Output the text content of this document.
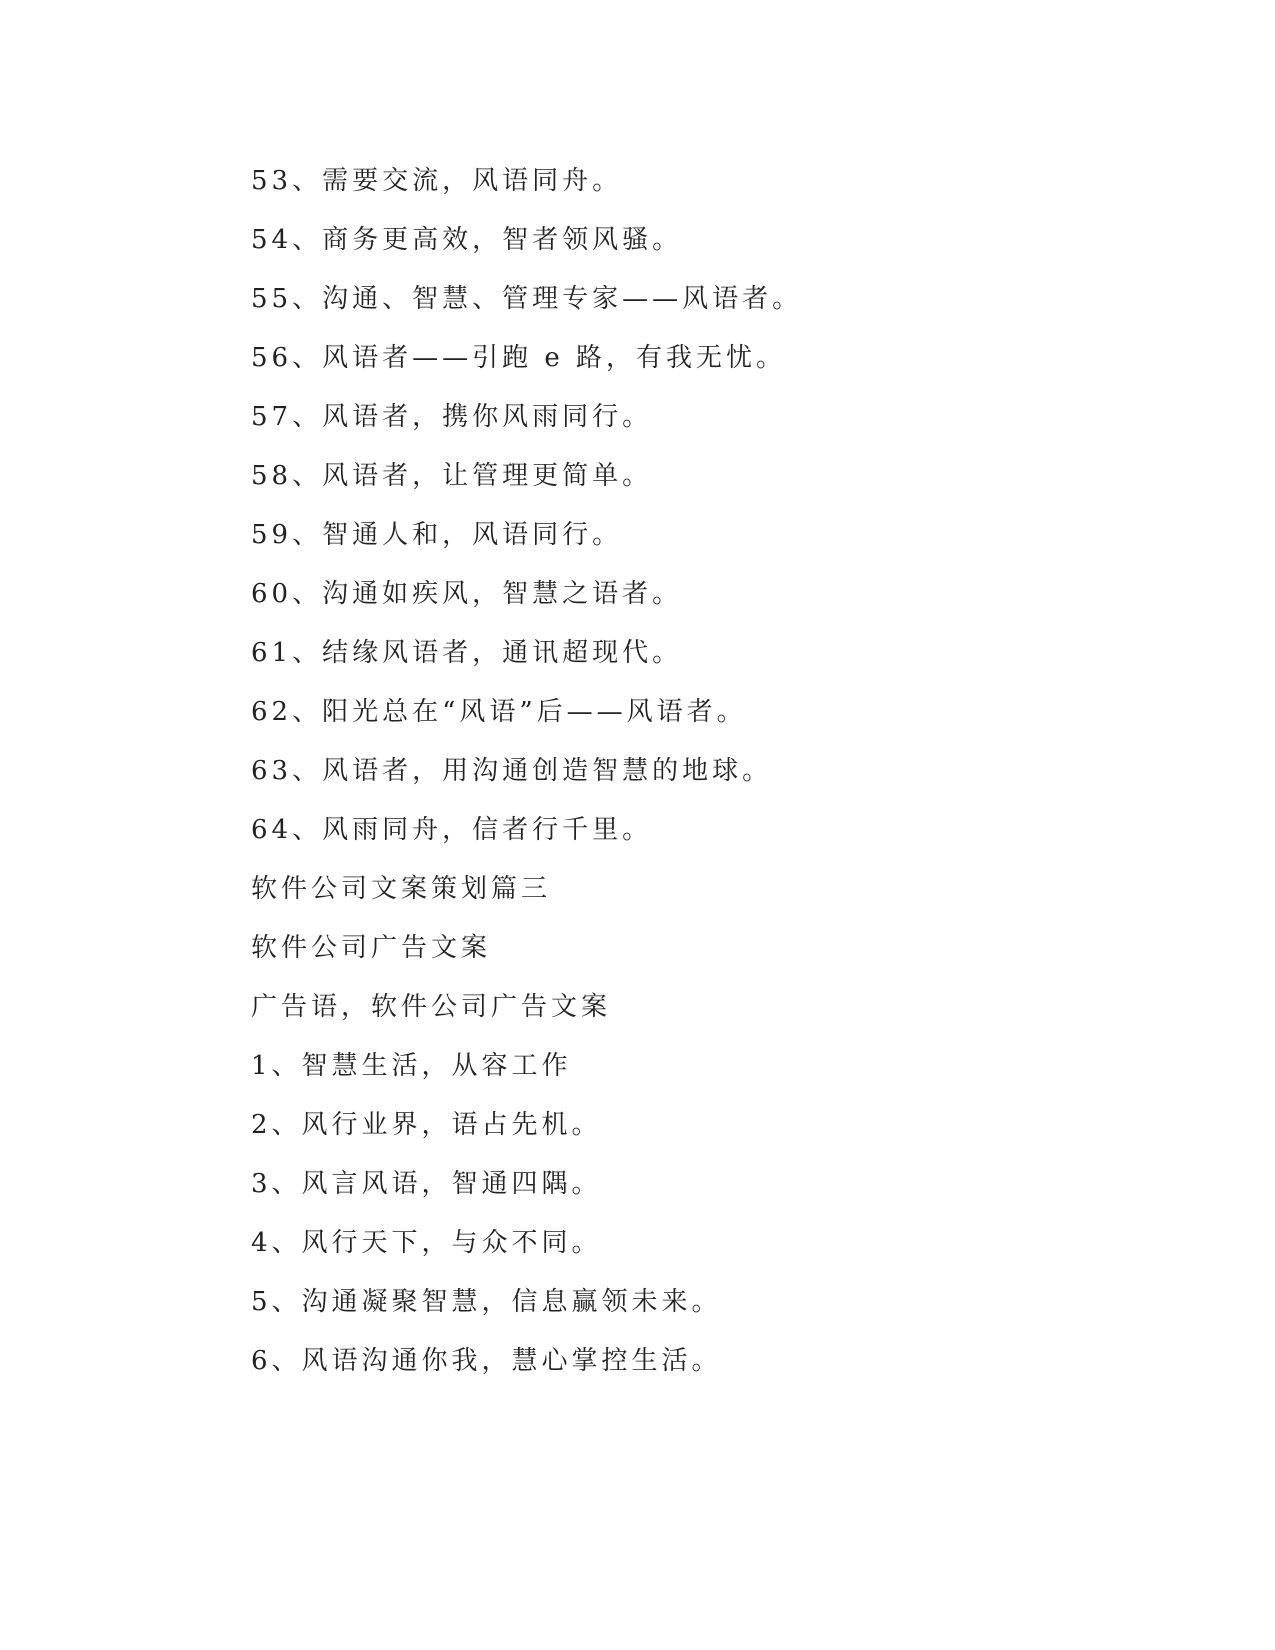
53、需要交流，风语同舟。
54、商务更高效，智者领风骚。
55、沟通、智慧、管理专家——风语者。
56、风语者——引跑 e 路，有我无忧。
57、风语者，携你风雨同行。
58、风语者，让管理更简单。
59、智通人和，风语同行。
60、沟通如疾风，智慧之语者。
61、结缘风语者，通讯超现代。
62、阳光总在“风语”后——风语者。
63、风语者，用沟通创造智慧的地球。
64、风雨同舟，信者行千里。
软件公司文案策划篇三
软件公司广告文案
广告语，软件公司广告文案
1、智慧生活，从容工作
2、风行业界，语占先机。
3、风言风语，智通四隅。
4、风行天下，与众不同。
5、沟通凝聚智慧，信息赢领未来。
6、风语沟通你我，慧心掌控生活。
